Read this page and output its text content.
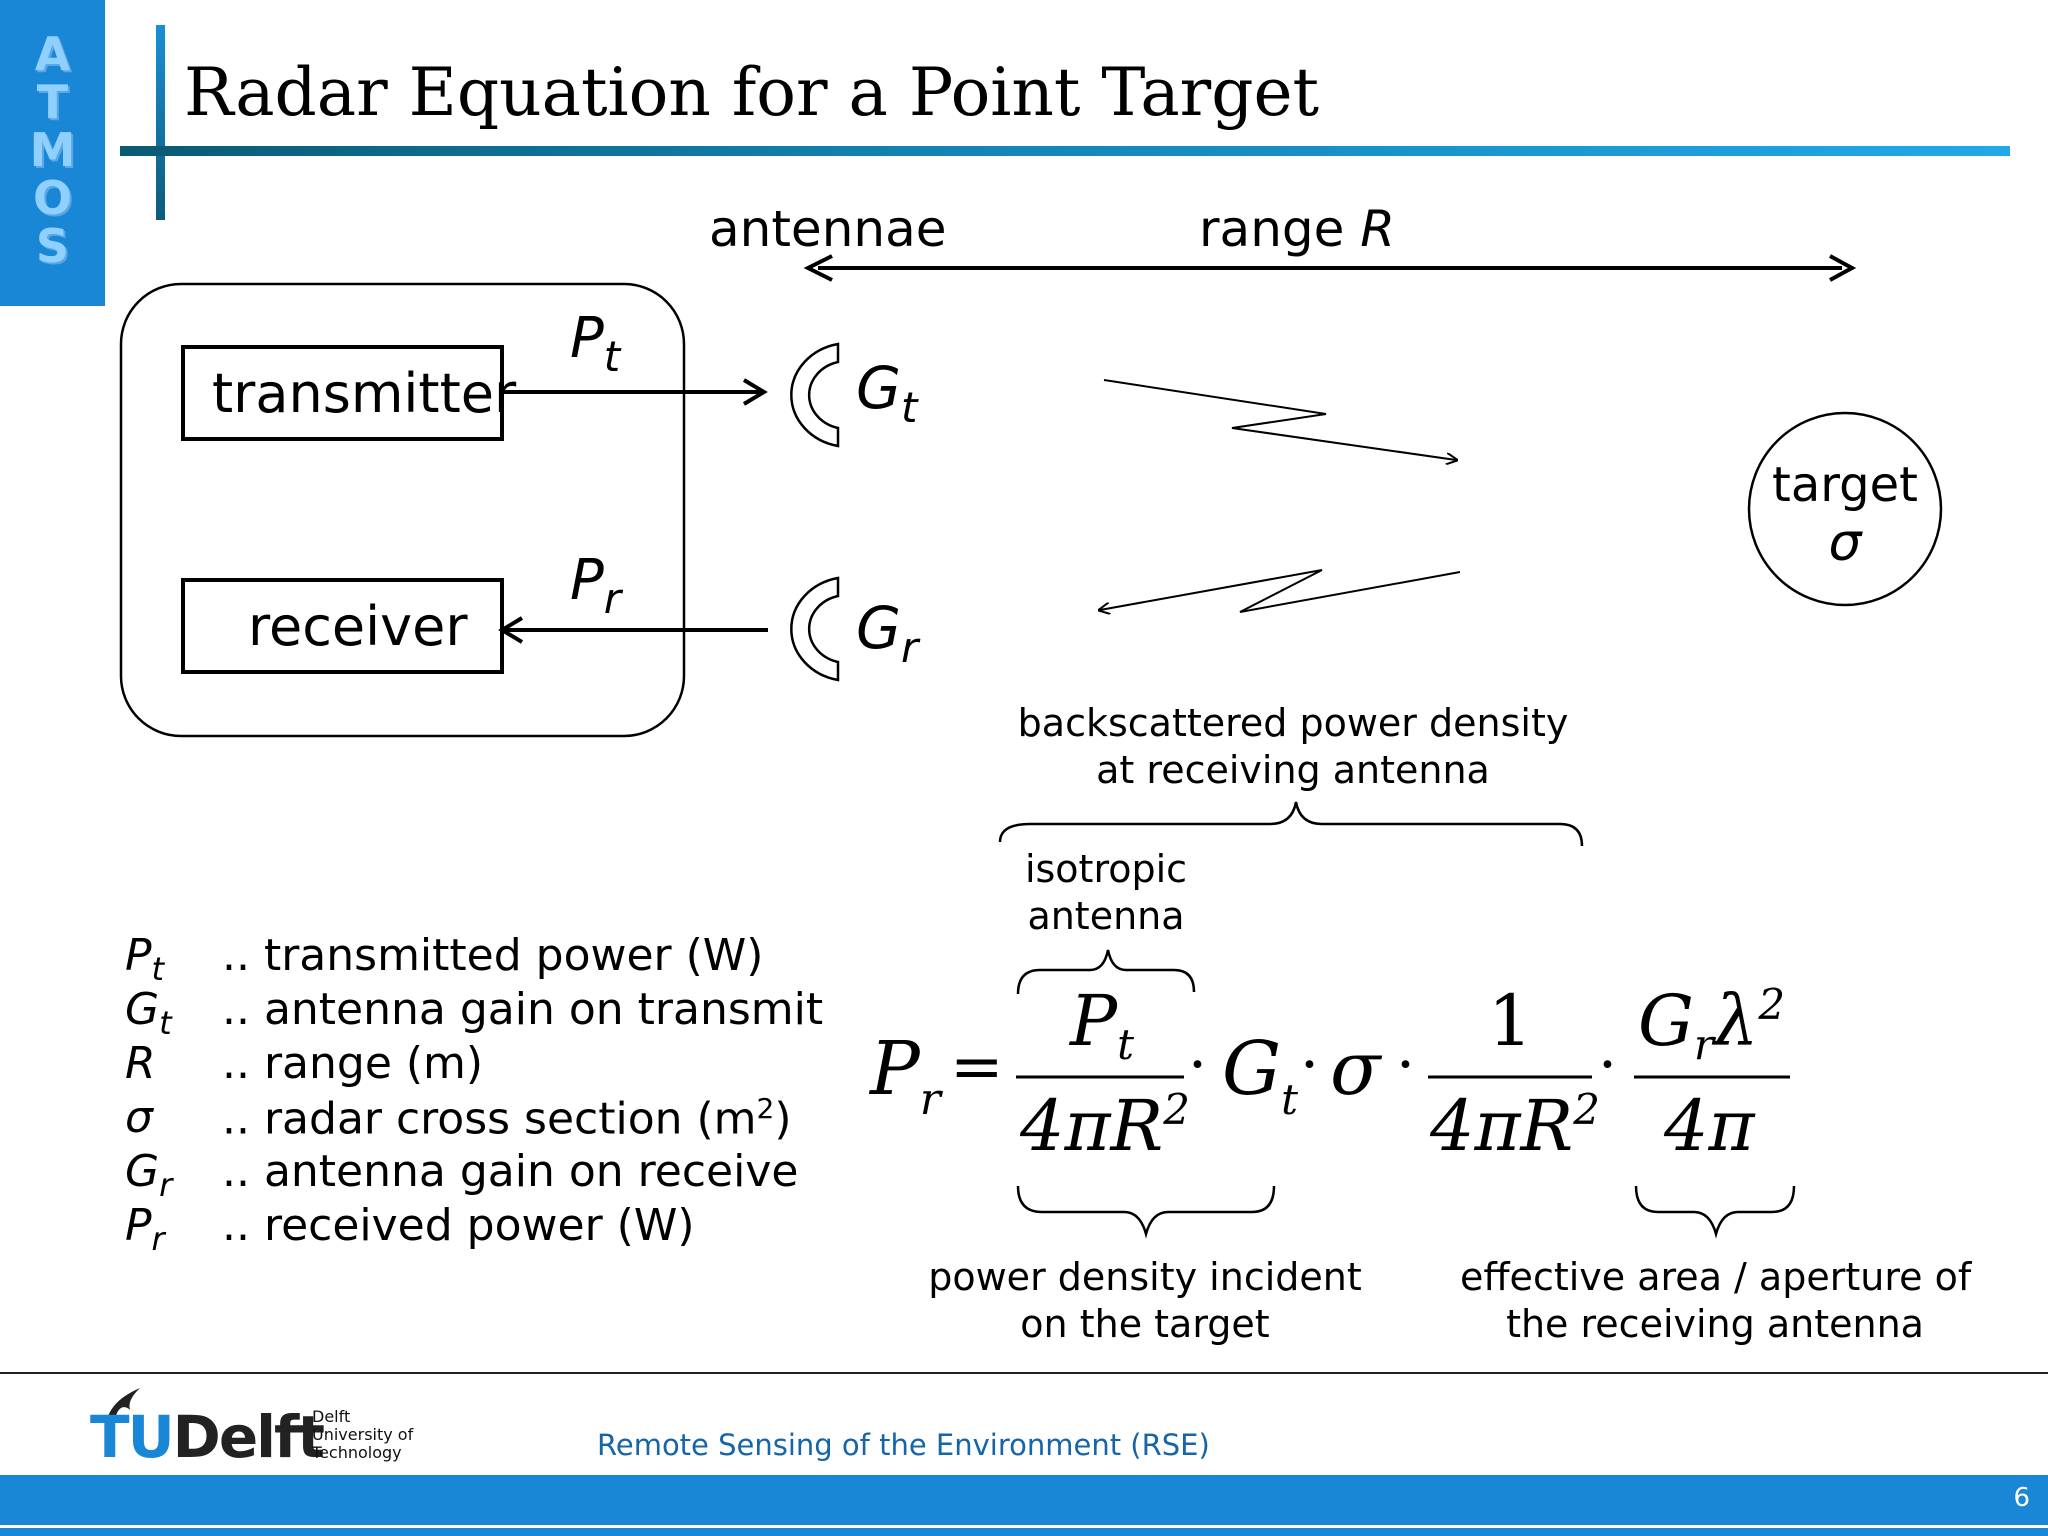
A
T
M
O
S
Radar Equation for a Point Target
antennae	range R
transmitter
receiver
$P_t$
$P_r$
$G_t$
$G_r$
target
σ
backscattered power density
at receiving antenna
isotropic
antenna
power density incident
on the target
effective area / aperture of
the receiving antenna
$P_r$ =
$P_t$
$4\pi R^2$
· $G_t \cdot \sigma$ ·
1
$4\pi R^2$
·
$G_r\lambda^2$
4π
$P_t$ .. transmitted power (W)
$G_t$ .. antenna gain on transmit
R .. range (m)
σ .. radar cross section $(m^2)$
$G_r$ .. antenna gain on receive
$P_r$ .. received power (W)
TUDelft
Delft
University of
Technology	Remote Sensing of the Environment (RSE)
6
